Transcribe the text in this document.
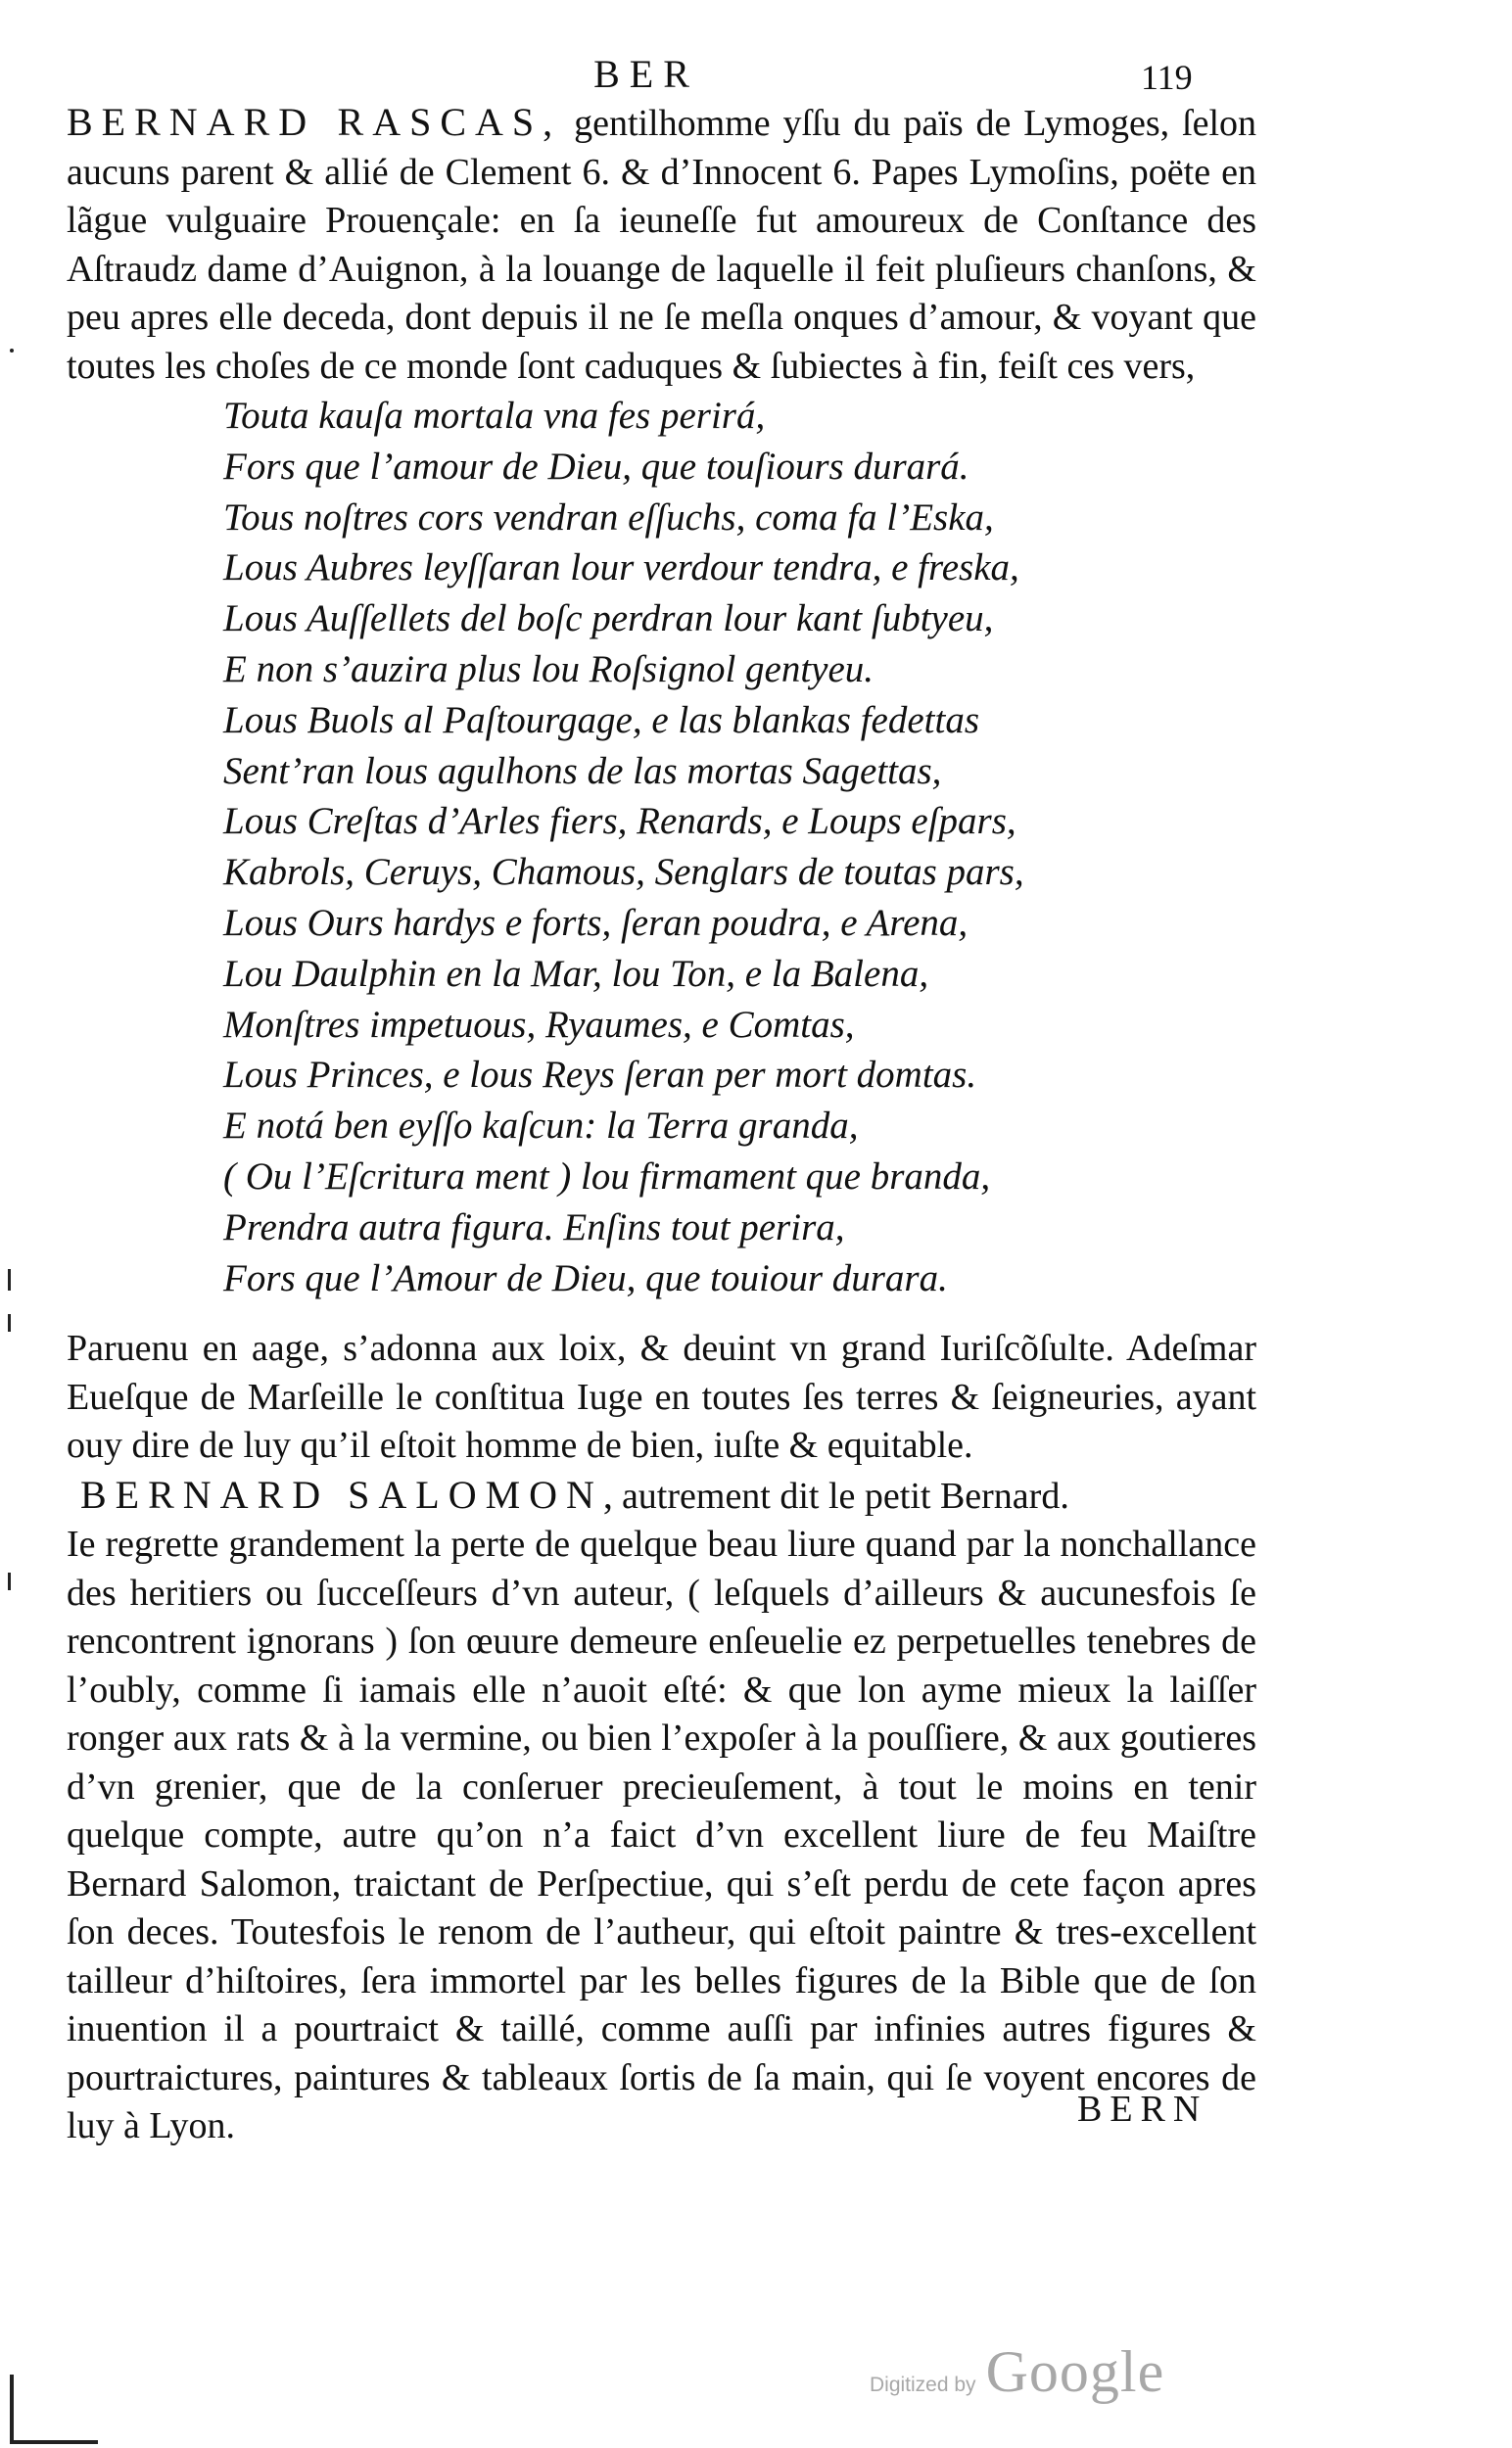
BER	119

BERNARD RASCAS, gentilhomme yſſu du païs de Lymoges, ſelon aucuns parent & allié de Clement 6. & d’Innocent 6. Papes Lymoſins, poëte en lãgue vulguaire Prouençale: en ſa ieuneſſe fut amoureux de Conſtance des Aſtraudz dame d’Auignon, à la louange de laquelle il feit pluſieurs chanſons, & peu apres elle deceda, dont depuis il ne ſe meſla onques d’amour, & voyant que toutes les choſes de ce monde ſont caduques & ſubiectes à fin, feiſt ces vers,

Touta kauſa mortala vna fes perirá,
Fors que l’amour de Dieu, que touſiours durará.
Tous noſtres cors vendran eſſuchs, coma fa l’Eska,
Lous Aubres leyſſaran lour verdour tendra, e freska,
Lous Auſſellets del boſc perdran lour kant ſubtyeu,
E non s’auzira plus lou Roſsignol gentyeu.
Lous Buols al Paſtourgage, e las blankas fedettas
Sent’ran lous agulhons de las mortas Sagettas,
Lous Creſtas d’Arles fiers, Renards, e Loups eſpars,
Kabrols, Ceruys, Chamous, Senglars de toutas pars,
Lous Ours hardys e forts, ſeran poudra, e Arena,
Lou Daulphin en la Mar, lou Ton, e la Balena,
Monſtres impetuous, Ryaumes, e Comtas,
Lous Princes, e lous Reys ſeran per mort domtas.
E notá ben eyſſo kaſcun: la Terra granda,
( Ou l’Eſcritura ment ) lou firmament que branda,
Prendra autra figura. Enſins tout perira,
Fors que l’Amour de Dieu, que touiour durara.

Paruenu en aage, s’adonna aux loix, & deuint vn grand Iuriſcõſulte. Adeſmar Eueſque de Marſeille le conſtitua Iuge en toutes ſes terres & ſeigneuries, ayant ouy dire de luy qu’il eſtoit homme de bien, iuſte & equitable.

BERNARD SALOMON,autrement dit le petit Bernard.

Ie regrette grandement la perte de quelque beau liure quand par la nonchallance des heritiers ou ſucceſſeurs d’vn auteur, ( leſquels d’ailleurs & aucunesfois ſe rencontrent ignorans ) ſon œuure demeure enſeuelie ez perpetuelles tenebres de l’oubly, comme ſi iamais elle n’auoit eſté: & que lon ayme mieux la laiſſer ronger aux rats & à la vermine, ou bien l’expoſer à la pouſſiere, & aux goutieres d’vn grenier, que de la conſeruer precieuſement, à tout le moins en tenir quelque compte, autre qu’on n’a faict d’vn excellent liure de feu Maiſtre Bernard Salomon, traictant de Perſpectiue, qui s’eſt perdu de cete façon apres ſon deces. Toutesfois le renom de l’autheur, qui eſtoit paintre & tres-excellent tailleur d’hiſtoires, ſera immortel par les belles figures de la Bible que de ſon inuention il a pourtraict & taillé, comme auſſi par infinies autres figures & pourtraictures, paintures & tableaux ſortis de ſa main, qui ſe voyent encores de luy à Lyon.	BERN
Digitized by Google
